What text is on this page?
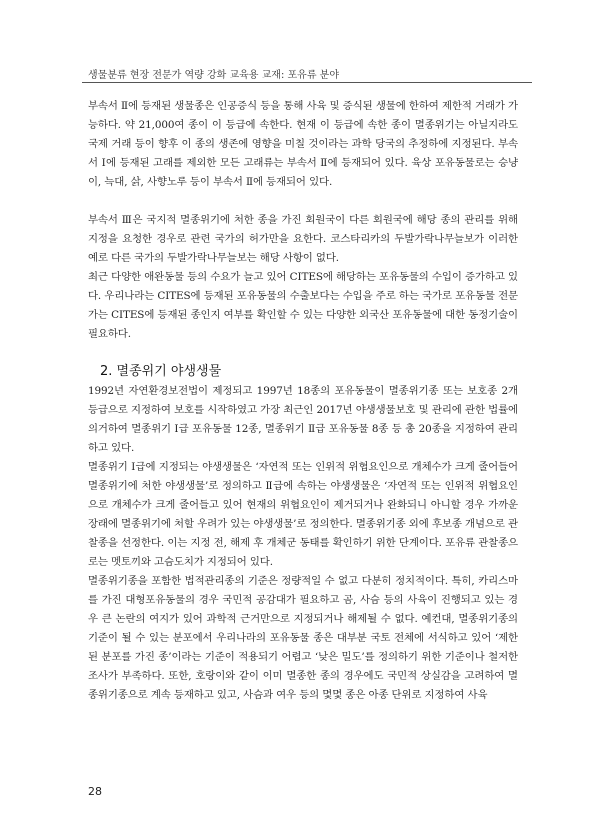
생물분류 현장 전문가 역량 강화 교육용 교재: 포유류 분야

부속서 Ⅱ에 등재된 생물종은 인공증식 등을 통해 사육 및 증식된 생물에 한하여 제한적 거래가 가능하다. 약 21,000여 종이 이 등급에 속한다. 현재 이 등급에 속한 종이 멸종위기는 아닐지라도 국제 거래 등이 향후 이 종의 생존에 영향을 미칠 것이라는 과학 당국의 추정하에 지정된다. 부속서 Ⅰ에 등재된 고래를 제외한 모든 고래류는 부속서 Ⅱ에 등재되어 있다. 육상 포유동물로는 승냥이, 늑대, 삵, 사향노루 등이 부속서 Ⅱ에 등재되어 있다.

부속서 Ⅲ은 국지적 멸종위기에 처한 종을 가진 회원국이 다른 회원국에 해당 종의 관리를 위해 지정을 요청한 경우로 관련 국가의 허가만을 요한다. 코스타리카의 두발가락나무늘보가 이러한 예로 다른 국가의 두발가락나무늘보는 해당 사항이 없다.

최근 다양한 애완동물 등의 수요가 늘고 있어 CITES에 해당하는 포유동물의 수입이 증가하고 있다. 우리나라는 CITES에 등재된 포유동물의 수출보다는 수입을 주로 하는 국가로 포유동물 전문가는 CITES에 등재된 종인지 여부를 확인할 수 있는 다양한 외국산 포유동물에 대한 동정기술이 필요하다.

2. 멸종위기 야생생물

1992년 자연환경보전법이 제정되고 1997년 18종의 포유동물이 멸종위기종 또는 보호종 2개 등급으로 지정하여 보호를 시작하였고 가장 최근인 2017년 야생생물보호 및 관리에 관한 법률에 의거하여 멸종위기 Ⅰ급 포유동물 12종, 멸종위기 Ⅱ급 포유동물 8종 등 총 20종을 지정하여 관리하고 있다.

멸종위기 Ⅰ급에 지정되는 야생생물은 ‘자연적 또는 인위적 위협요인으로 개체수가 크게 줄어들어 멸종위기에 처한 야생생물’로 정의하고 Ⅱ급에 속하는 야생생물은 ‘자연적 또는 인위적 위협요인으로 개체수가 크게 줄어들고 있어 현재의 위협요인이 제거되거나 완화되니 아니할 경우 가까운 장래에 멸종위기에 처할 우려가 있는 야생생물’로 정의한다. 멸종위기종 외에 후보종 개념으로 관찰종을 선정한다. 이는 지정 전, 해제 후 개체군 동태를 확인하기 위한 단계이다. 포유류 관찰종으로는 멧토끼와 고슴도치가 지정되어 있다.

멸종위기종을 포함한 법적관리종의 기준은 정량적일 수 없고 다분히 정치적이다. 특히, 카리스마를 가진 대형포유동물의 경우 국민적 공감대가 필요하고 곰, 사슴 등의 사육이 진행되고 있는 경우 큰 논란의 여지가 있어 과학적 근거만으로 지정되거나 해제될 수 없다. 예컨대, 멸종위기종의 기준이 될 수 있는 분포에서 우리나라의 포유동물 종은 대부분 국토 전체에 서식하고 있어 ‘제한된 분포를 가진 종’이라는 기준이 적용되기 어렵고 ‘낮은 밀도’를 정의하기 위한 기준이나 철저한 조사가 부족하다. 또한, 호랑이와 같이 이미 멸종한 종의 경우에도 국민적 상실감을 고려하여 멸종위기종으로 계속 등재하고 있고, 사슴과 여우 등의 몇몇 종은 아종 단위로 지정하여 사육

28
